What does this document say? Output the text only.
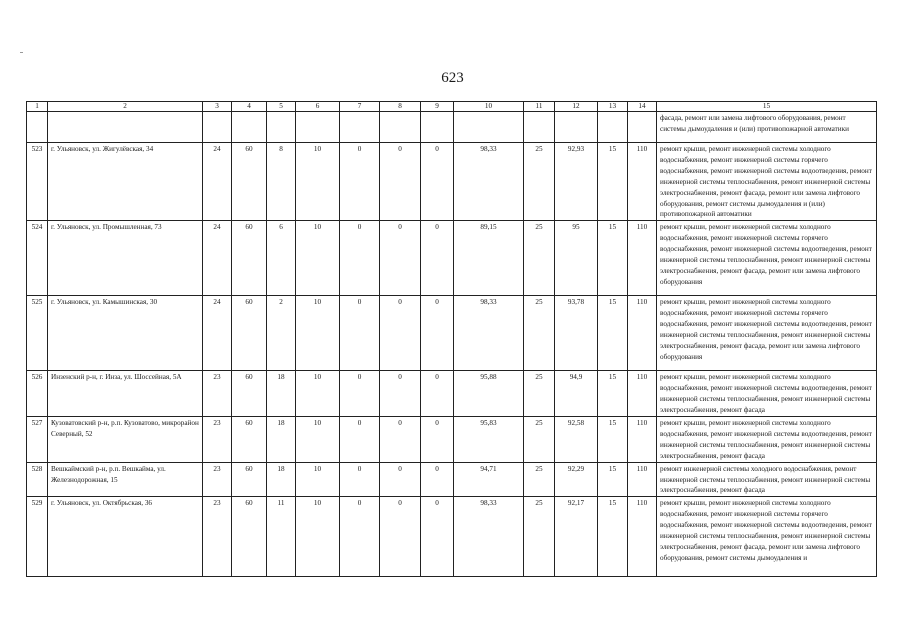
623
1	2	3	4	5	6	7	8	9	10	11	12	13	14	15
														фасада, ремонт или замена лифтового оборудования, ремонт системы дымоудаления и (или) противопожарной автоматики
523	г. Ульяновск, ул. Жигулёвская, 34	24	60	8	10	0	0	0	98,33	25	92,93	15	110	ремонт крыши, ремонт инженерной системы холодного водоснабжения, ремонт инженерной системы горячего водоснабжения, ремонт инженерной системы водоотведения, ремонт инженерной системы теплоснабжения, ремонт инженерной системы электроснабжения, ремонт фасада, ремонт или замена лифтового оборудования, ремонт системы дымоудаления и (или) противопожарной автоматики
524	г. Ульяновск, ул. Промышленная, 73	24	60	6	10	0	0	0	89,15	25	95	15	110	ремонт крыши, ремонт инженерной системы холодного водоснабжения, ремонт инженерной системы горячего водоснабжения, ремонт инженерной системы водоотведения, ремонт инженерной системы теплоснабжения, ремонт инженерной системы электроснабжения, ремонт фасада, ремонт или замена лифтового оборудования
525	г. Ульяновск, ул. Камышинская, 30	24	60	2	10	0	0	0	98,33	25	93,78	15	110	ремонт крыши, ремонт инженерной системы холодного водоснабжения, ремонт инженерной системы горячего водоснабжения, ремонт инженерной системы водоотведения, ремонт инженерной системы теплоснабжения, ремонт инженерной системы электроснабжения, ремонт фасада, ремонт или замена лифтового оборудования
526	Инзенский р-н, г. Инза, ул. Шоссейная, 5А	23	60	18	10	0	0	0	95,88	25	94,9	15	110	ремонт крыши, ремонт инженерной системы холодного водоснабжения, ремонт инженерной системы водоотведения, ремонт инженерной системы теплоснабжения, ремонт инженерной системы электроснабжения, ремонт фасада
527	Кузоватовский р-н, р.п. Кузоватово, микрорайон Северный, 52	23	60	18	10	0	0	0	95,83	25	92,58	15	110	ремонт крыши, ремонт инженерной системы холодного водоснабжения, ремонт инженерной системы водоотведения, ремонт инженерной системы теплоснабжения, ремонт инженерной системы электроснабжения, ремонт фасада
528	Вешкаймский р-н, р.п. Вешкайма, ул. Железнодорожная, 15	23	60	18	10	0	0	0	94,71	25	92,29	15	110	ремонт инженерной системы холодного водоснабжения, ремонт инженерной системы теплоснабжения, ремонт инженерной системы электроснабжения, ремонт фасада
529	г. Ульяновск, ул. Октябрьская, 36	23	60	11	10	0	0	0	98,33	25	92,17	15	110	ремонт крыши, ремонт инженерной системы холодного водоснабжения, ремонт инженерной системы горячего водоснабжения, ремонт инженерной системы водоотведения, ремонт инженерной системы теплоснабжения, ремонт инженерной системы электроснабжения, ремонт фасада, ремонт или замена лифтового оборудования, ремонт системы дымоудаления и
